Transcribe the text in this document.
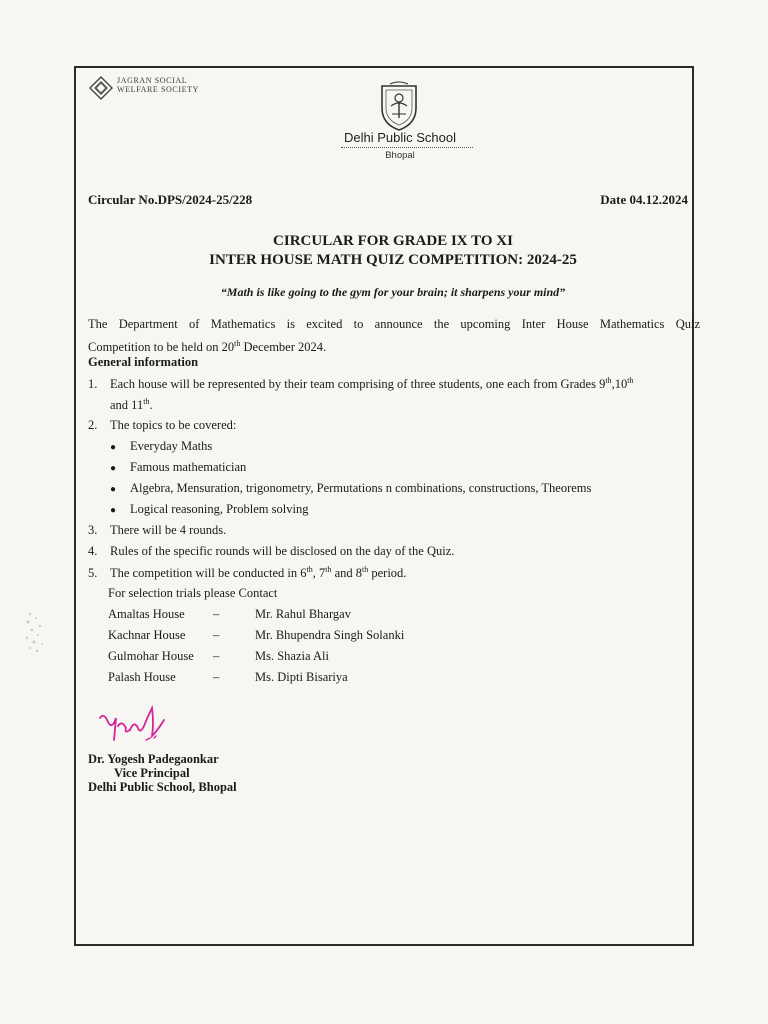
JAGRAN SOCIAL
WELFARE SOCIETY
Delhi Public School
Bhopal
Circular No.DPS/2024-25/228	Date 04.12.2024
CIRCULAR FOR GRADE IX TO XI
INTER HOUSE MATH QUIZ COMPETITION: 2024-25
“Math is like going to the gym for your brain; it sharpens your mind”
The Department of Mathematics is excited to announce the upcoming Inter House Mathematics Quiz
Competition to be held on 20th December 2024.
General information
1. Each house will be represented by their team comprising of three students, one each from Grades 9th,10th
and 11th.
2. The topics to be covered:
● Everyday Maths
● Famous mathematician
● Algebra, Mensuration, trigonometry, Permutations n combinations, constructions, Theorems
● Logical reasoning, Problem solving
3. There will be 4 rounds.
4. Rules of the specific rounds will be disclosed on the day of the Quiz.
5. The competition will be conducted in 6th, 7th and 8th period.
For selection trials please Contact
Amaltas House –	Mr. Rahul Bhargav
Kachnar House –	Mr. Bhupendra Singh Solanki
Gulmohar House –	Ms. Shazia Ali
Palash House	–	Ms. Dipti Bisariya
Dr. Yogesh Padegaonkar
Vice Principal
Delhi Public School, Bhopal
